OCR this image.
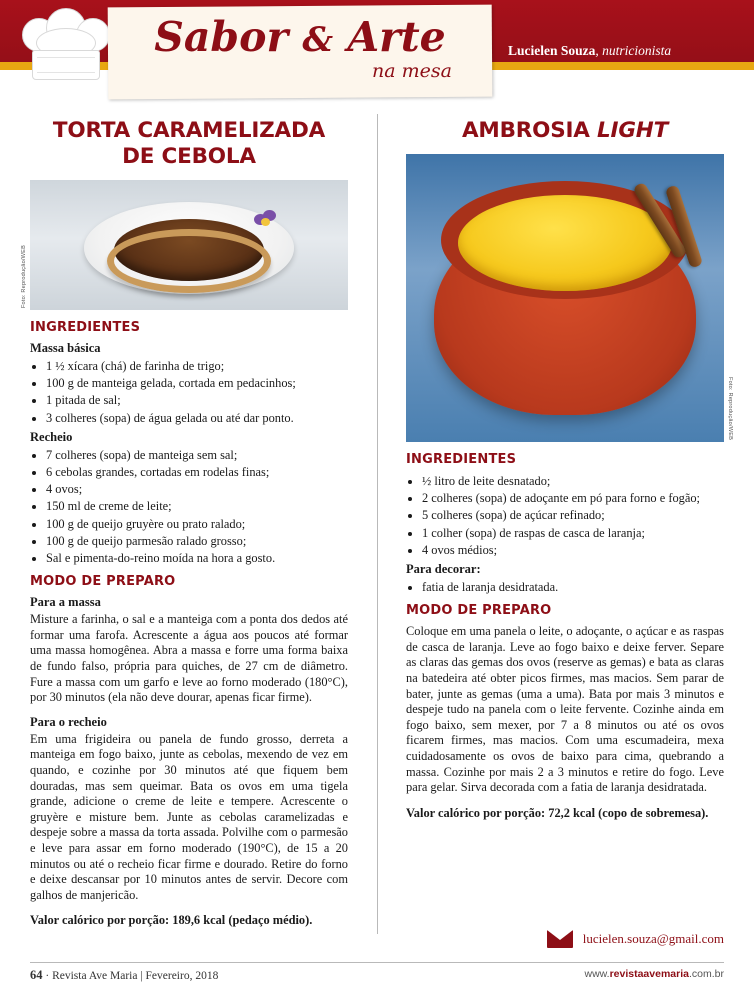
Sabor & Arte
na mesa
Lucielen Souza, nutricionista
TORTA CARAMELIZADA
DE CEBOLA
Foto: Reprodução/WEB
INGREDIENTES
Massa básica
• 1 ½ xícara (chá) de farinha de trigo;
• 100 g de manteiga gelada, cortada em pedacinhos;
• 1 pitada de sal;
• 3 colheres (sopa) de água gelada ou até dar ponto.
Recheio
• 7 colheres (sopa) de manteiga sem sal;
• 6 cebolas grandes, cortadas em rodelas finas;
• 4 ovos;
• 150 ml de creme de leite;
• 100 g de queijo gruyère ou prato ralado;
• 100 g de queijo parmesão ralado grosso;
• Sal e pimenta-do-reino moída na hora a gosto.
MODO DE PREPARO
Para a massa

Misture a farinha, o sal e a manteiga com a ponta dos dedos até formar uma farofa. Acrescente a água aos poucos até formar uma massa homogênea. Abra a massa e forre uma forma baixa de fundo falso, própria para quiches, de 27 cm de diâmetro. Fure a massa com um garfo e leve ao forno moderado (180°C), por 30 minutos (ela não deve dourar, apenas ficar firme).

Para o recheio

Em uma frigideira ou panela de fundo grosso, derreta a manteiga em fogo baixo, junte as cebolas, mexendo de vez em quando, e cozinhe por 30 minutos até que fiquem bem douradas, mas sem queimar. Bata os ovos em uma tigela grande, adicione o creme de leite e tempere. Acrescente o gruyère e misture bem. Junte as cebolas caramelizadas e despeje sobre a massa da torta assada. Polvilhe com o parmesão e leve para assar em forno moderado (190°C), de 15 a 20 minutos ou até o recheio ficar firme e dourado. Retire do forno e deixe descansar por 10 minutos antes de servir. Decore com galhos de manjericão.

Valor calórico por porção: 189,6 kcal (pedaço médio).

AMBROSIA LIGHT
Foto: Reprodução/WEB
INGREDIENTES
• ½ litro de leite desnatado;
• 2 colheres (sopa) de adoçante em pó para forno e fogão;
• 5 colheres (sopa) de açúcar refinado;
• 1 colher (sopa) de raspas de casca de laranja;
• 4 ovos médios;
Para decorar:
• fatia de laranja desidratada.
MODO DE PREPARO

Coloque em uma panela o leite, o adoçante, o açúcar e as raspas de casca de laranja. Leve ao fogo baixo e deixe ferver. Separe as claras das gemas dos ovos (reserve as gemas) e bata as claras na batedeira até obter picos firmes, mas macios. Sem parar de bater, junte as gemas (uma a uma). Bata por mais 3 minutos e despeje tudo na panela com o leite fervente. Cozinhe ainda em fogo baixo, sem mexer, por 7 a 8 minutos ou até os ovos ficarem firmes, mas macios. Com uma escumadeira, mexa cuidadosamente os ovos de baixo para cima, quebrando a massa. Cozinhe por mais 2 a 3 minutos e retire do fogo. Leve para gelar. Sirva decorada com a fatia de laranja desidratada.

Valor calórico por porção: 72,2 kcal (copo de sobremesa).

lucielen.souza@gmail.com
64 · Revista Ave Maria | Fevereiro, 2018	www.revistaavemaria.com.br
